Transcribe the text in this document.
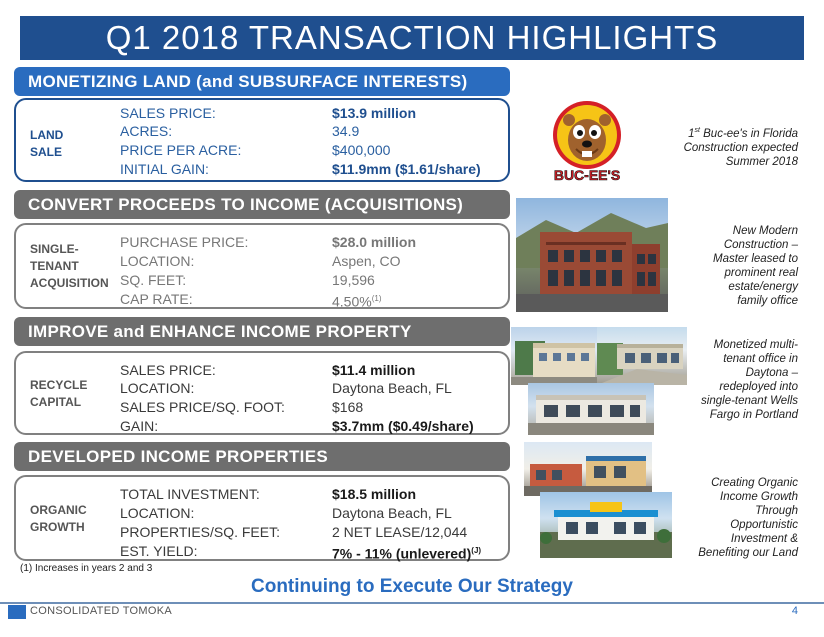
Q1 2018 TRANSACTION HIGHLIGHTS
MONETIZING LAND (and SUBSURFACE INTERESTS)
LAND
SALE
SALES PRICE:	$13.9 million
ACRES:	34.9
PRICE PER ACRE:	$400,000
INITIAL GAIN:	$11.9mm ($1.61/share)
CONVERT PROCEEDS TO INCOME (ACQUISITIONS)
SINGLE-
TENANT
ACQUISITION
PURCHASE PRICE:	$28.0 million
LOCATION:	Aspen, CO
SQ. FEET:	19,596
CAP RATE:	4.50%$^{(1)}$
IMPROVE and ENHANCE INCOME PROPERTY
RECYCLE
CAPITAL
SALES PRICE:	$11.4 million
LOCATION:	Daytona Beach, FL
SALES PRICE/SQ. FOOT:	$168
GAIN:	$3.7mm ($0.49/share)
DEVELOPED INCOME PROPERTIES
ORGANIC
GROWTH
TOTAL INVESTMENT:	$18.5 million
LOCATION:	Daytona Beach, FL
PROPERTIES/SQ. FEET:	2 NET LEASE/12,044
EST. YIELD:	7% - 11% (unlevered)$^{(J)}$
BUC-EE'S
1st Buc-ee's in Florida
Construction expected
Summer 2018
New Modern
Construction –
Master leased to
prominent real
estate/energy
family office
Monetized multi-
tenant office in
Daytona –
redeployed into
single-tenant Wells
Fargo in Portland
Creating Organic
Income Growth
Through
Opportunistic
Investment &
Benefiting our Land
(1) Increases in years 2 and 3
Continuing to Execute Our Strategy
CONSOLIDATED TOMOKA	4
